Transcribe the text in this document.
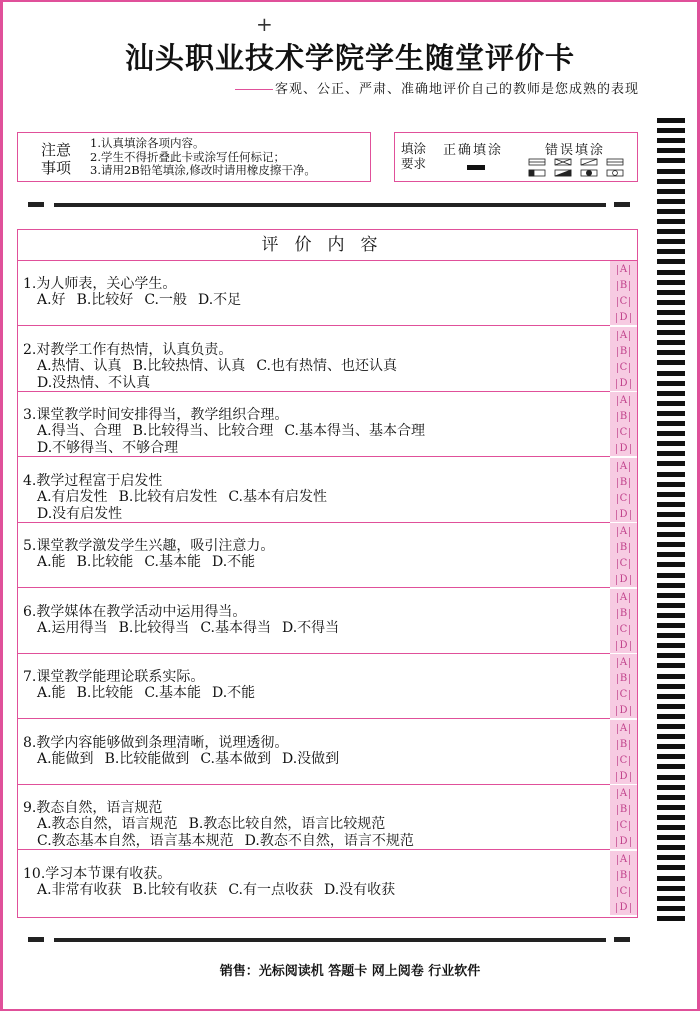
+
汕头职业技术学院学生随堂评价卡
客观、公正、严肃、准确地评价自己的教师是您成熟的表现
注意
事项
1.认真填涂各项内容。
2.学生不得折叠此卡或涂写任何标记；
3.请用2B铅笔填涂,修改时请用橡皮擦干净。
填涂
要求
正确填涂	错误填涂
评价内容
1.为人师表，关心学生。
A.好 B.比较好 C.一般 D.不足
A
B
C
D
2.对教学工作有热情，认真负责。
A.热情、认真 B.比较热情、认真 C.也有热情、也还认真
D.没热情、不认真
A
B
C
D
3.课堂教学时间安排得当，教学组织合理。
A.得当、合理 B.比较得当、比较合理 C.基本得当、基本合理
D.不够得当、不够合理
A
B
C
D
4.教学过程富于启发性
A.有启发性 B.比较有启发性 C.基本有启发性
D.没有启发性
A
B
C
D
5.课堂教学激发学生兴趣，吸引注意力。
A.能 B.比较能 C.基本能 D.不能
A
B
C
D
6.教学媒体在教学活动中运用得当。
A.运用得当 B.比较得当 C.基本得当 D.不得当
A
B
C
D
7.课堂教学能理论联系实际。
A.能 B.比较能 C.基本能 D.不能
A
B
C
D
8.教学内容能够做到条理清晰，说理透彻。
A.能做到 B.比较能做到 C.基本做到 D.没做到
A
B
C
D
9.教态自然，语言规范
A.教态自然，语言规范 B.教态比较自然，语言比较规范
C.教态基本自然，语言基本规范 D.教态不自然，语言不规范
A
B
C
D
10.学习本节课有收获。
A.非常有收获 B.比较有收获 C.有一点收获 D.没有收获
A
B
C
D
销售：光标阅读机 答题卡 网上阅卷 行业软件
